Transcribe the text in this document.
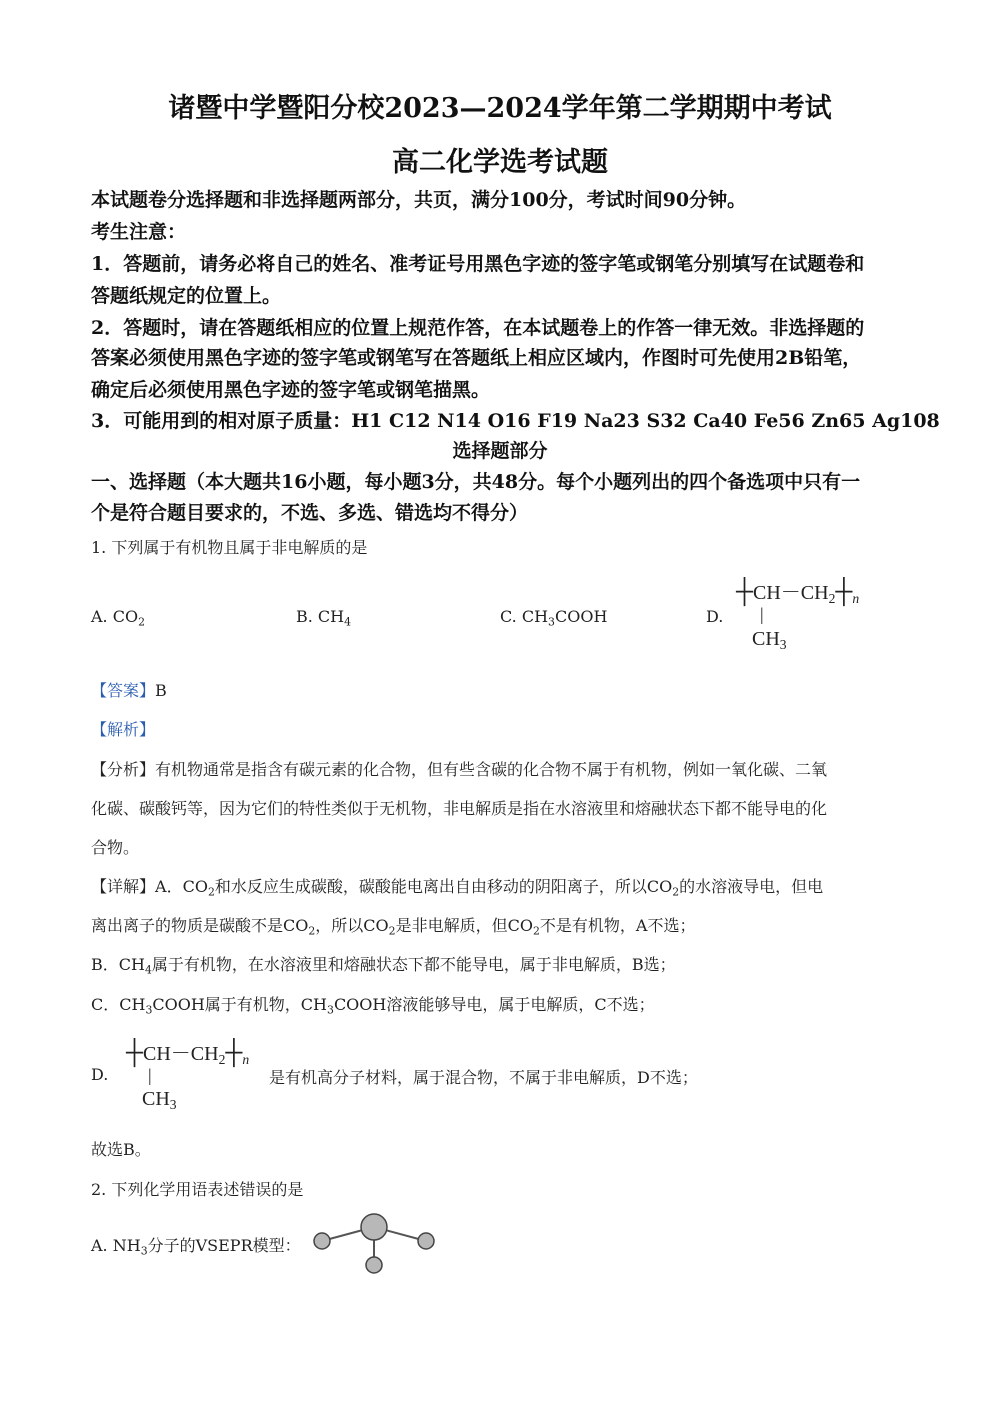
诸暨中学暨阳分校2023—2024学年第二学期期中考试
高二化学选考试题
本试题卷分选择题和非选择题两部分，共页，满分100分，考试时间90分钟。
考生注意：
1．答题前，请务必将自己的姓名、准考证号用黑色字迹的签字笔或钢笔分别填写在试题卷和
答题纸规定的位置上。
2．答题时，请在答题纸相应的位置上规范作答，在本试题卷上的作答一律无效。非选择题的
答案必须使用黑色字迹的签字笔或钢笔写在答题纸上相应区域内，作图时可先使用2B铅笔，
确定后必须使用黑色字迹的签字笔或钢笔描黑。
3．可能用到的相对原子质量：H1 C12 N14 O16 F19 Na23 S32 Ca40 Fe56 Zn65 Ag108
选择题部分
一、选择题（本大题共16小题，每小题3分，共48分。每个小题列出的四个备选项中只有一
个是符合题目要求的，不选、多选、错选均不得分）
1. 下列属于有机物且属于非电解质的是
A. $CO_2$	B. $CH_4$	C. $CH_3COOH$	D.
$┼CH-CH_2┼_n$
|
$CH_3$
【答案】B
【解析】
【分析】有机物通常是指含有碳元素的化合物，但有些含碳的化合物不属于有机物，例如一氧化碳、二氧
化碳、碳酸钙等，因为它们的特性类似于无机物，非电解质是指在水溶液里和熔融状态下都不能导电的化
合物。
【详解】A．$CO_2$和水反应生成碳酸，碳酸能电离出自由移动的阴阳离子，所以$CO_2$的水溶液导电，但电
离出离子的物质是碳酸不是$CO_2$，所以$CO_2$是非电解质，但$CO_2$不是有机物，A不选；
B．$CH_4$属于有机物，在水溶液里和熔融状态下都不能导电，属于非电解质，B选；
C．$CH_3COOH$属于有机物，$CH_3COOH$溶液能够导电，属于电解质，C不选；
D.
$┼CH-CH_2┼_n$
|
$CH_3$
是有机高分子材料，属于混合物，不属于非电解质，D不选；
故选B。
2. 下列化学用语表述错误的是
A. $NH_3$分子的VSEPR模型：
